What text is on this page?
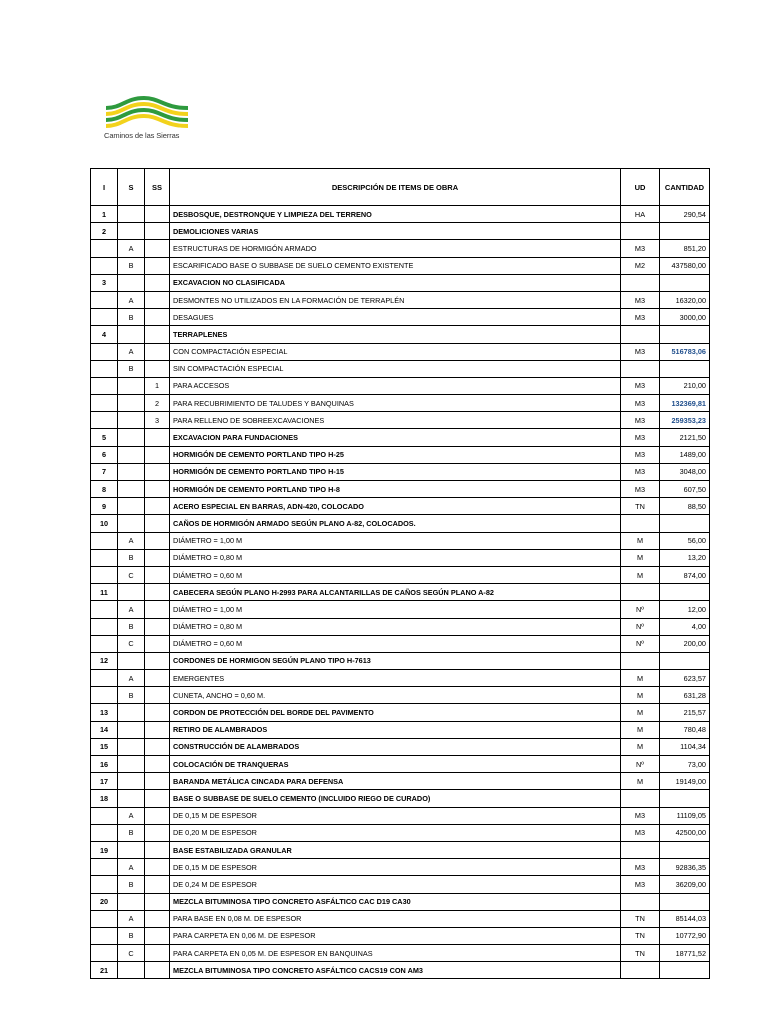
Caminos de las Sierras
I	S	SS	DESCRIPCIÓN DE ITEMS DE OBRA	UD	CANTIDAD
1			DESBOSQUE, DESTRONQUE Y LIMPIEZA DEL TERRENO	HA	290,54
2			DEMOLICIONES VARIAS		
	A		ESTRUCTURAS DE HORMIGÓN ARMADO	M3	851,20
	B		ESCARIFICADO BASE O SUBBASE DE SUELO CEMENTO EXISTENTE	M2	437580,00
3			EXCAVACION NO CLASIFICADA		
	A		DESMONTES NO UTILIZADOS EN LA FORMACIÓN DE TERRAPLÉN	M3	16320,00
	B		DESAGUES	M3	3000,00
4			TERRAPLENES		
	A		CON COMPACTACIÓN ESPECIAL	M3	516783,06
	B		SIN COMPACTACIÓN ESPECIAL		
		1	PARA ACCESOS	M3	210,00
		2	PARA RECUBRIMIENTO DE TALUDES Y BANQUINAS	M3	132369,81
		3	PARA RELLENO DE SOBREEXCAVACIONES	M3	259353,23
5			EXCAVACION PARA FUNDACIONES	M3	2121,50
6			HORMIGÓN DE CEMENTO PORTLAND TIPO H-25	M3	1489,00
7			HORMIGÓN DE CEMENTO PORTLAND TIPO H-15	M3	3048,00
8			HORMIGÓN DE CEMENTO PORTLAND TIPO H-8	M3	607,50
9			ACERO ESPECIAL EN BARRAS, ADN-420, COLOCADO	TN	88,50
10			CAÑOS DE HORMIGÓN ARMADO SEGÚN PLANO A-82, COLOCADOS.		
	A		DIÁMETRO = 1,00 M	M	56,00
	B		DIÁMETRO = 0,80 M	M	13,20
	C		DIÁMETRO = 0,60 M	M	874,00
11			CABECERA SEGÚN PLANO H-2993 PARA ALCANTARILLAS DE CAÑOS SEGÚN PLANO A-82		
	A		DIÁMETRO = 1,00 M	Nº	12,00
	B		DIÁMETRO = 0,80 M	Nº	4,00
	C		DIÁMETRO = 0,60 M	Nº	200,00
12			CORDONES DE HORMIGON SEGÚN PLANO TIPO H-7613		
	A		EMERGENTES	M	623,57
	B		CUNETA, ANCHO = 0,60 M.	M	631,28
13			CORDON DE PROTECCIÓN DEL BORDE DEL PAVIMENTO	M	215,57
14			RETIRO DE ALAMBRADOS	M	780,48
15			CONSTRUCCIÓN DE ALAMBRADOS	M	1104,34
16			COLOCACIÓN DE TRANQUERAS	Nº	73,00
17			BARANDA METÁLICA CINCADA PARA DEFENSA	M	19149,00
18			BASE O SUBBASE DE SUELO CEMENTO (INCLUIDO RIEGO DE CURADO)		
	A		DE 0,15 M DE ESPESOR	M3	11109,05
	B		DE 0,20 M DE ESPESOR	M3	42500,00
19			BASE ESTABILIZADA GRANULAR		
	A		DE 0,15 M DE ESPESOR	M3	92836,35
	B		DE 0,24 M DE ESPESOR	M3	36209,00
20			MEZCLA BITUMINOSA TIPO CONCRETO ASFÁLTICO CAC D19 CA30		
	A		PARA BASE EN 0,08 M. DE ESPESOR	TN	85144,03
	B		PARA CARPETA EN 0,06 M. DE ESPESOR	TN	10772,90
	C		PARA CARPETA EN 0,05 M. DE ESPESOR EN BANQUINAS	TN	18771,52
21			MEZCLA BITUMINOSA TIPO CONCRETO ASFÁLTICO CACS19 CON AM3		
